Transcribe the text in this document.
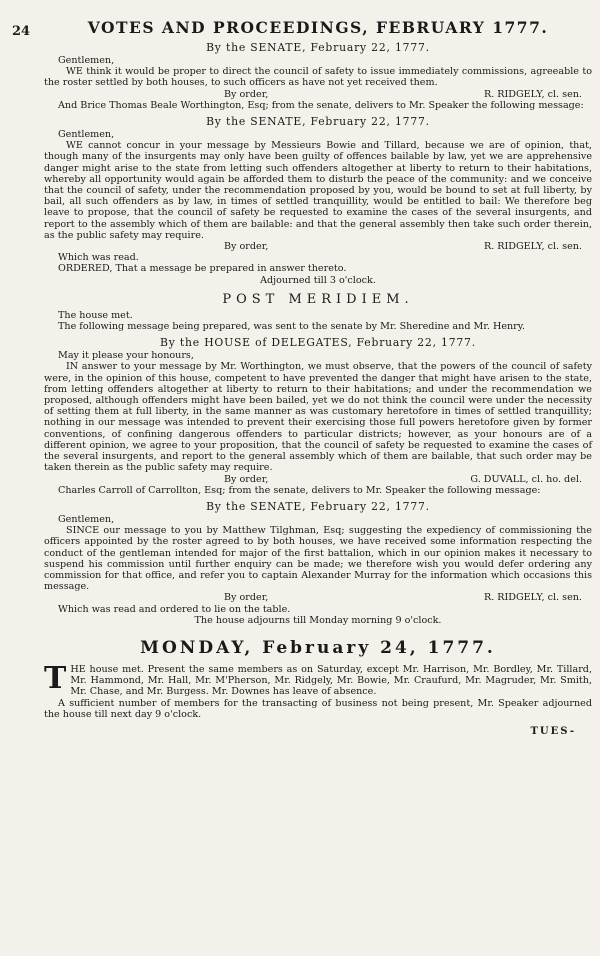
24	VOTES AND PROCEEDINGS, FEBRUARY 1777.
By the SENATE, February 22, 1777.

Gentlemen,

WE think it would be proper to direct the council of safety to issue immediately commissions, agreeable to the roster settled by both houses, to such officers as have not yet received them.

By order,	R. RIDGELY, cl. sen.

And Brice Thomas Beale Worthington, Esq; from the senate, delivers to Mr. Speaker the following message:

By the SENATE, February 22, 1777.

Gentlemen,

WE cannot concur in your message by Messieurs Bowie and Tillard, because we are of opinion, that, though many of the insurgents may only have been guilty of offences bailable by law, yet we are apprehensive danger might arise to the state from letting such offenders altogether at liberty to return to their habitations, whereby all opportunity would again be afforded them to disturb the peace of the community: and we conceive that the council of safety, under the recommendation proposed by you, would be bound to set at full liberty, by bail, all such offenders as by law, in times of settled tranquillity, would be entitled to bail: We therefore beg leave to propose, that the council of safety be requested to examine the cases of the several insurgents, and report to the assembly which of them are bailable: and that the general assembly then take such order therein, as the public safety may require.

By order,	R. RIDGELY, cl. sen.

Which was read.

ORDERED, That a message be prepared in answer thereto.

Adjourned till 3 o'clock.
POST MERIDIEM.

The house met.

The following message being prepared, was sent to the senate by Mr. Sheredine and Mr. Henry.

By the HOUSE of DELEGATES, February 22, 1777.

May it please your honours,

IN answer to your message by Mr. Worthington, we must observe, that the powers of the council of safety were, in the opinion of this house, competent to have prevented the danger that might have arisen to the state, from letting offenders altogether at liberty to return to their habitations; and under the recommendation we proposed, although offenders might have been bailed, yet we do not think the council were under the necessity of setting them at full liberty, in the same manner as was customary heretofore in times of settled tranquillity; nothing in our message was intended to prevent their exercising those full powers heretofore given by former conventions, of confining dangerous offenders to particular districts; however, as your honours are of a different opinion, we agree to your proposition, that the council of safety be requested to examine the cases of the several insurgents, and report to the general assembly which of them are bailable, that such order may be taken therein as the public safety may require.

By order,	G. DUVALL, cl. ho. del.

Charles Carroll of Carrollton, Esq; from the senate, delivers to Mr. Speaker the following message:

By the SENATE, February 22, 1777.

Gentlemen,

SINCE our message to you by Matthew Tilghman, Esq; suggesting the expediency of commissioning the officers appointed by the roster agreed to by both houses, we have received some information respecting the conduct of the gentleman intended for major of the first battalion, which in our opinion makes it necessary to suspend his commission until further enquiry can be made; we therefore wish you would defer ordering any commission for that office, and refer you to captain Alexander Murray for the information which occasions this message.

By order,	R. RIDGELY, cl. sen.

Which was read and ordered to lie on the table.

The house adjourns till Monday morning 9 o'clock.
MONDAY, February 24, 1777.

THE house met. Present the same members as on Saturday, except Mr. Harrison, Mr. Bordley, Mr. Tillard, Mr. Hammond, Mr. Hall, Mr. M'Pherson, Mr. Ridgely, Mr. Bowie, Mr. Craufurd, Mr. Magruder, Mr. Smith, Mr. Chase, and Mr. Burgess. Mr. Downes has leave of absence.

A sufficient number of members for the transacting of business not being present, Mr. Speaker adjourned the house till next day 9 o'clock.

TUES-
